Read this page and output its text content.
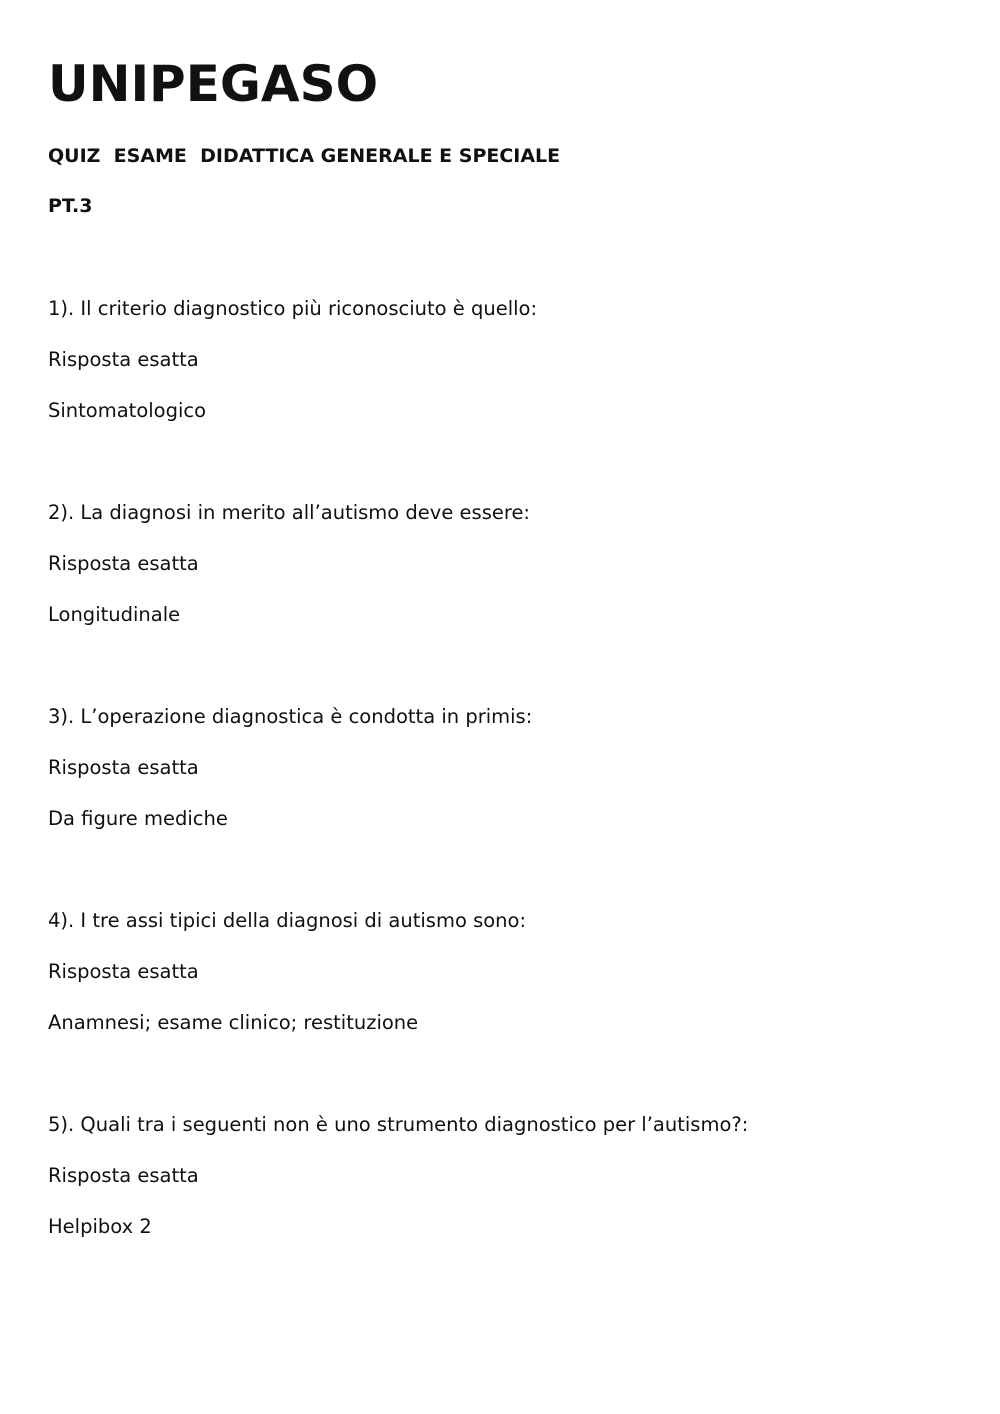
UNIPEGASO

QUIZ  ESAME  DIDATTICA GENERALE E SPECIALE

PT.3

1). Il criterio diagnostico più riconosciuto è quello:

Risposta esatta

Sintomatologico

2). La diagnosi in merito all’autismo deve essere:

Risposta esatta

Longitudinale

3). L’operazione diagnostica è condotta in primis:

Risposta esatta

Da figure mediche

4). I tre assi tipici della diagnosi di autismo sono:

Risposta esatta

Anamnesi; esame clinico; restituzione

5). Quali tra i seguenti non è uno strumento diagnostico per l’autismo?:

Risposta esatta

Helpibox 2
